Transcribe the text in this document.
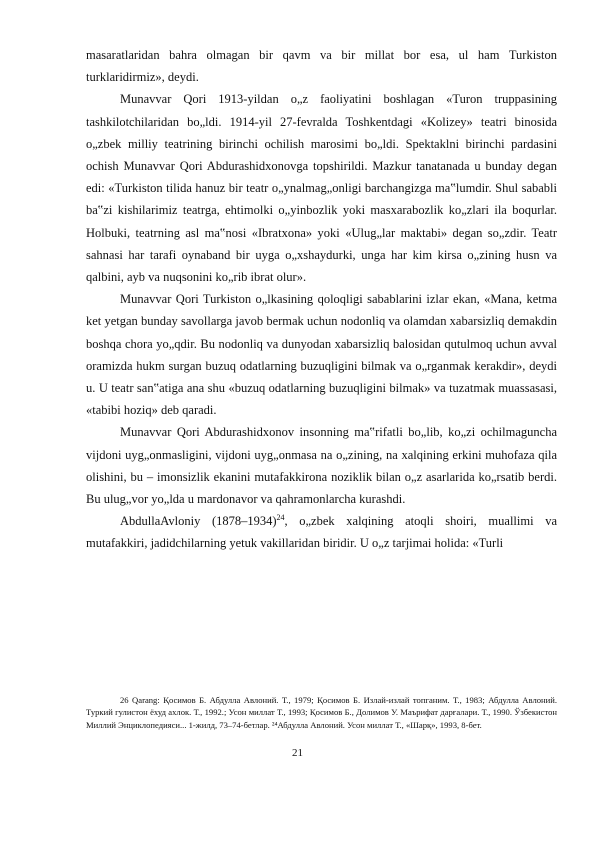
masaratlaridan bahra olmagan bir qavm va bir millat bor esa, ul ham Turkiston turklaridirmiz», deydi.

Munavvar Qori 1913-yildan o„z faoliyatini boshlagan «Turon truppasining tashkilotchilaridan bo„ldi. 1914-yil 27-fevralda Toshkentdagi «Kolizey» teatri binosida o„zbek milliy teatrining birinchi ochilish marosimi bo„ldi. Spektaklni birinchi pardasini ochish Munavvar Qori Abdurashidxonovga topshirildi. Mazkur tanatanada u bunday degan edi: «Turkiston tilida hanuz bir teatr o„ynalmag„onligi barchangizga ma‟lumdir. Shul sababli ba‟zi kishilarimiz teatrga, ehtimolki o„yinbozlik yoki masxarabozlik ko„zlari ila boqurlar. Holbuki, teatrning asl ma‟nosi «Ibratxona» yoki «Ulug„lar maktabi» degan so„zdir. Teatr sahnasi har tarafi oynaband bir uyga o„xshaydurki, unga har kim kirsa o„zining husn va qalbini, ayb va nuqsonini ko„rib ibrat olur».

Munavvar Qori Turkiston o„lkasining qoloqligi sabablarini izlar ekan, «Mana, ketma ket yetgan bunday savollarga javob bermak uchun nodonliq va olamdan xabarsizliq demakdin boshqa chora yo„qdir. Bu nodonliq va dunyodan xabarsizliq balosidan qutulmoq uchun avval oramizda hukm surgan buzuq odatlarning buzuqligini bilmak va o„rganmak kerakdir», deydi u. U teatr san‟atiga ana shu «buzuq odatlarning buzuqligini bilmak» va tuzatmak muassasasi, «tabibi hoziq» deb qaradi.

Munavvar Qori Abdurashidxonov insonning ma‟rifatli bo„lib, ko„zi ochilmaguncha vijdoni uyg„onmasligini, vijdoni uyg„onmasa na o„zining, na xalqining erkini muhofaza qila olishini, bu – imonsizlik ekanini mutafakkirona noziklik bilan o„z asarlarida ko„rsatib berdi. Bu ulug„vor yo„lda u mardonavor va qahramonlarcha kurashdi.

AbdullaAvloniy (1878–1934)$^{24}$, o„zbek xalqining atoqli shoiri, muallimi va mutafakkiri, jadidchilarning yetuk vakillaridan biridir. U o„z tarjimai holida: «Turli

26 Qarang: Қосимов Б. Абдулла Авлоний. Т., 1979; Қосимов Б. Излай-излай топганим. Т., 1983; Абдулла Авлоний. Туркий гулистон ёхуд ахлок. Т., 1992.; Усон миллат Т., 1993; Қосимов Б., Долимов У. Маърифат дарғалари. Т., 1990. Ўзбекистон Миллий Энциклопедияси... 1-жилд, 73–74-бетлар. ²⁴Абдулла Авлоний. Усон миллат Т., «Шарқ», 1993, 8-бет.

21
